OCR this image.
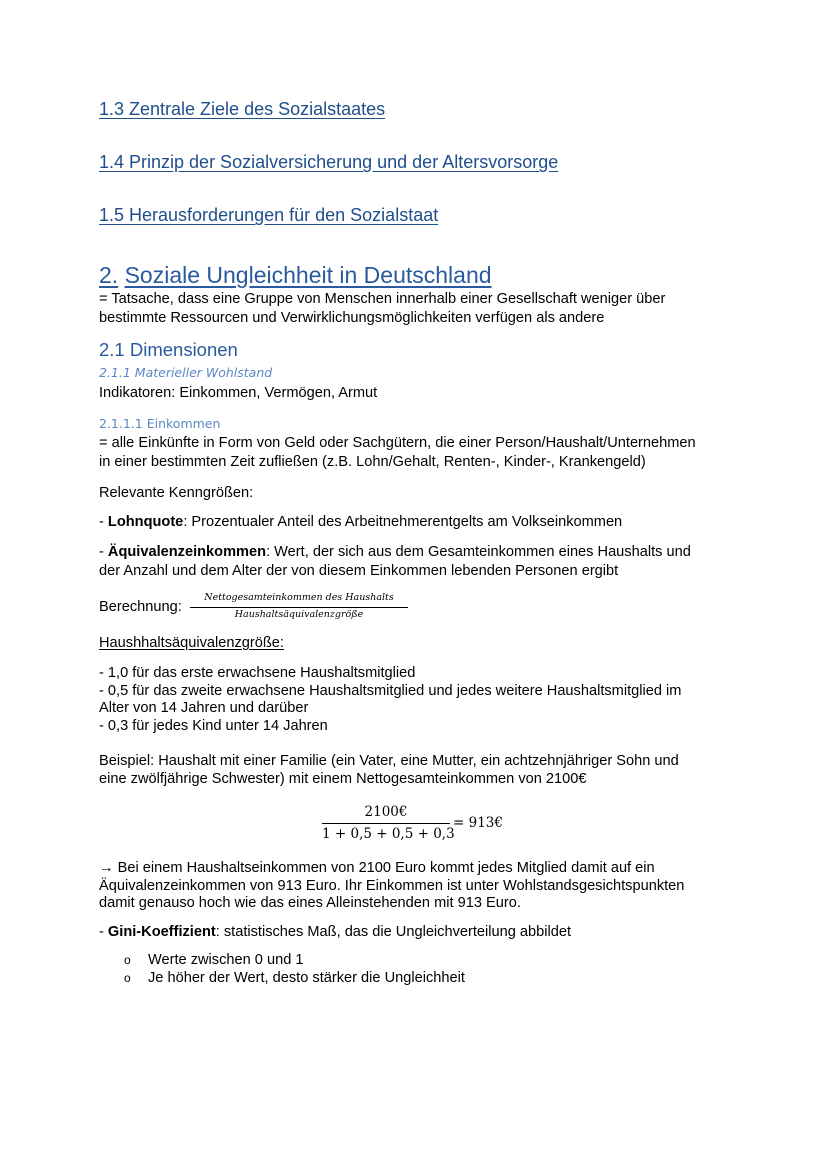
1.3 Zentrale Ziele des Sozialstaates
1.4 Prinzip der Sozialversicherung und der Altersvorsorge
1.5 Herausforderungen für den Sozialstaat
2. Soziale Ungleichheit in Deutschland
= Tatsache, dass eine Gruppe von Menschen innerhalb einer Gesellschaft weniger über
bestimmte Ressourcen und Verwirklichungsmöglichkeiten verfügen als andere
2.1 Dimensionen
2.1.1 Materieller Wohlstand
Indikatoren: Einkommen, Vermögen, Armut
2.1.1.1 Einkommen
= alle Einkünfte in Form von Geld oder Sachgütern, die einer Person/Haushalt/Unternehmen
in einer bestimmten Zeit zufließen (z.B. Lohn/Gehalt, Renten-, Kinder-, Krankengeld)
Relevante Kenngrößen:
- Lohnquote: Prozentualer Anteil des Arbeitnehmerentgelts am Volkseinkommen
- Äquivalenzeinkommen: Wert, der sich aus dem Gesamteinkommen eines Haushalts und
der Anzahl und dem Alter der von diesem Einkommen lebenden Personen ergibt
Berechnung:
Nettogesamteinkommen des Haushalts
Haushaltsäquivalenzgröße
Haushhaltsäquivalenzgröße:
- 1,0 für das erste erwachsene Haushaltsmitglied
- 0,5 für das zweite erwachsene Haushaltsmitglied und jedes weitere Haushaltsmitglied im
Alter von 14 Jahren und darüber
- 0,3 für jedes Kind unter 14 Jahren
Beispiel: Haushalt mit einer Familie (ein Vater, eine Mutter, ein achtzehnjähriger Sohn und
eine zwölfjährige Schwester) mit einem Nettogesamteinkommen von 2100€
2100€
1 + 0,5 + 0,5 + 0,3
= 913€
→ Bei einem Haushaltseinkommen von 2100 Euro kommt jedes Mitglied damit auf ein
Äquivalenzeinkommen von 913 Euro. Ihr Einkommen ist unter Wohlstandsgesichtspunkten
damit genauso hoch wie das eines Alleinstehenden mit 913 Euro.
- Gini-Koeffizient: statistisches Maß, das die Ungleichverteilung abbildet
o Werte zwischen 0 und 1
o Je höher der Wert, desto stärker die Ungleichheit
